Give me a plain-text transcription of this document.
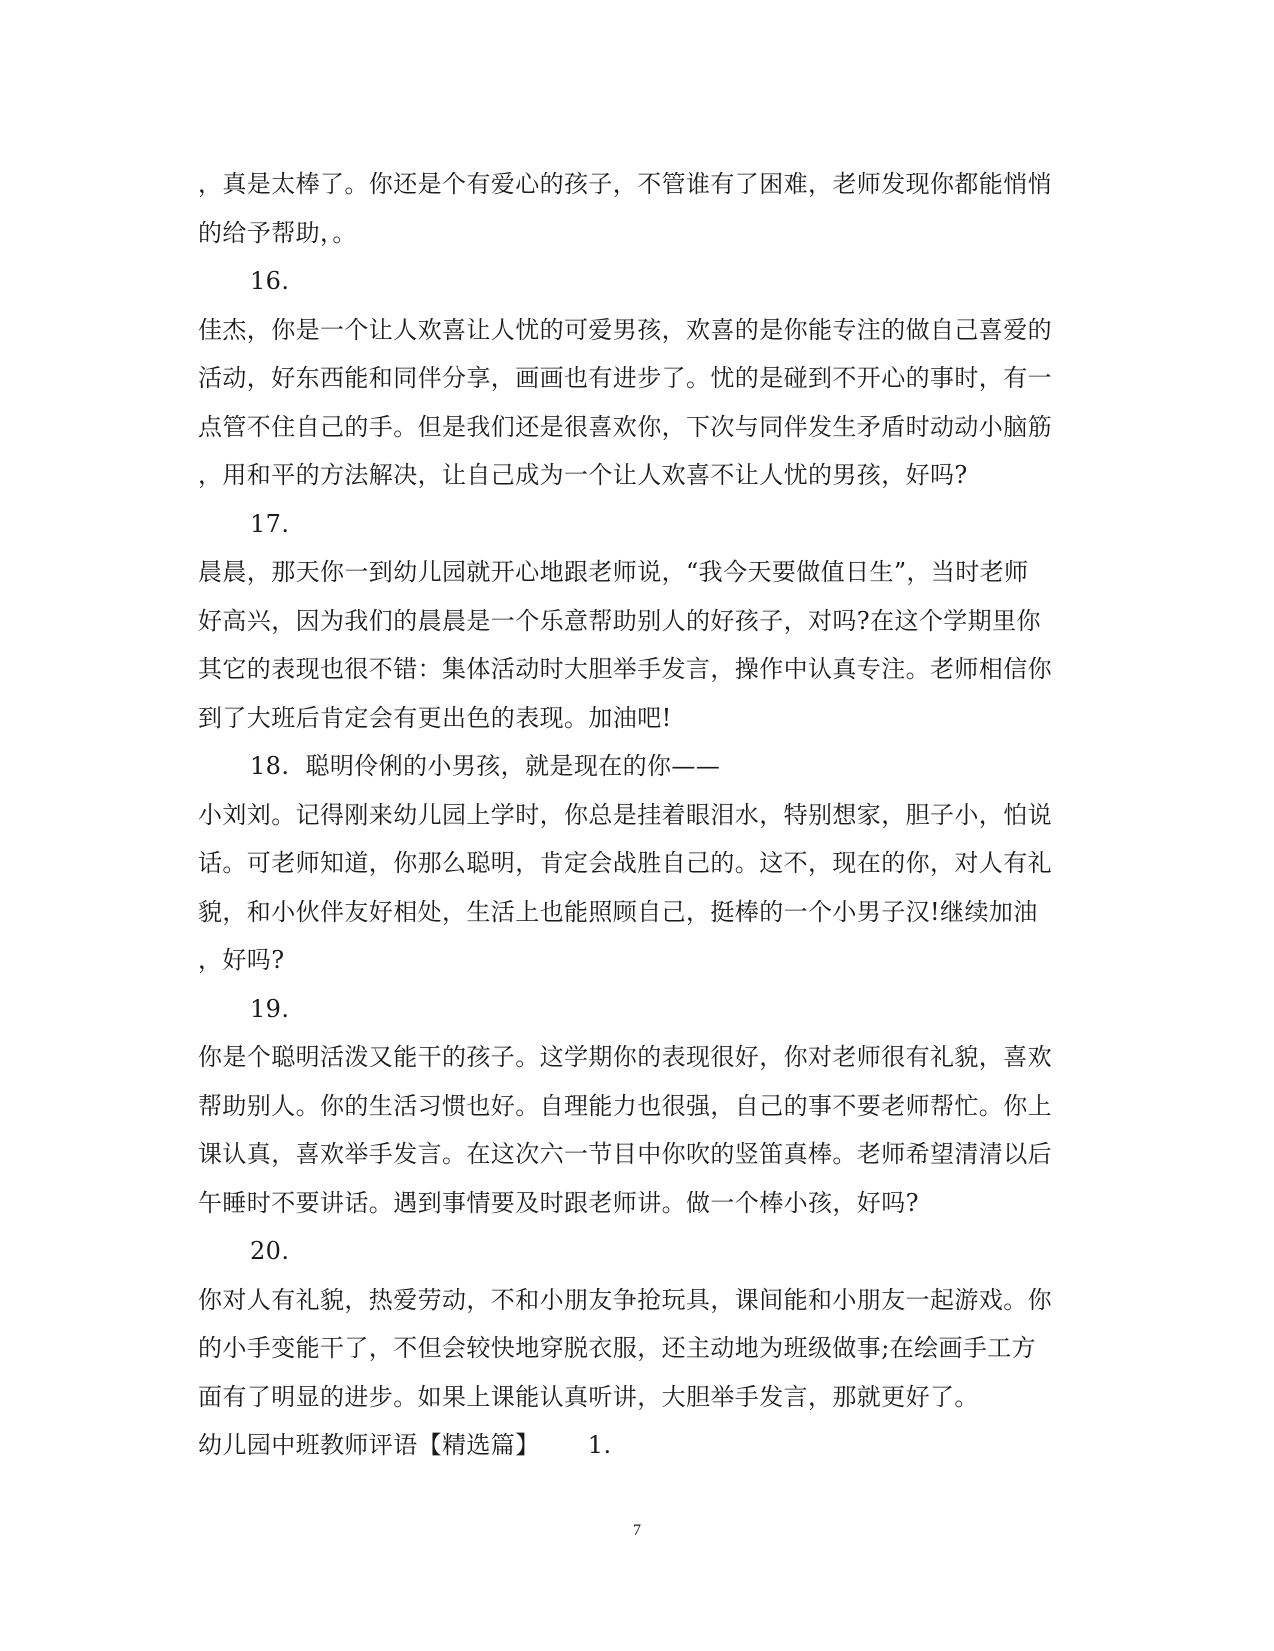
，真是太棒了。你还是个有爱心的孩子，不管谁有了困难，老师发现你都能悄悄
的给予帮助，。
16.
佳杰，你是一个让人欢喜让人忧的可爱男孩，欢喜的是你能专注的做自己喜爱的
活动，好东西能和同伴分享，画画也有进步了。忧的是碰到不开心的事时，有一
点管不住自己的手。但是我们还是很喜欢你，下次与同伴发生矛盾时动动小脑筋
，用和平的方法解决，让自己成为一个让人欢喜不让人忧的男孩，好吗?
17.
晨晨，那天你一到幼儿园就开心地跟老师说，“我今天要做值日生”，当时老师
好高兴，因为我们的晨晨是一个乐意帮助别人的好孩子，对吗?在这个学期里你
其它的表现也很不错：集体活动时大胆举手发言，操作中认真专注。老师相信你
到了大班后肯定会有更出色的表现。加油吧!
18.  聪明伶俐的小男孩，就是现在的你——
小刘刘。记得刚来幼儿园上学时，你总是挂着眼泪水，特别想家，胆子小，怕说
话。可老师知道，你那么聪明，肯定会战胜自己的。这不，现在的你，对人有礼
貌，和小伙伴友好相处，生活上也能照顾自己，挺棒的一个小男子汉!继续加油
，好吗?
19.
你是个聪明活泼又能干的孩子。这学期你的表现很好，你对老师很有礼貌，喜欢
帮助别人。你的生活习惯也好。自理能力也很强，自己的事不要老师帮忙。你上
课认真，喜欢举手发言。在这次六一节目中你吹的竖笛真棒。老师希望清清以后
午睡时不要讲话。遇到事情要及时跟老师讲。做一个棒小孩，好吗?
20.
你对人有礼貌，热爱劳动，不和小朋友争抢玩具，课间能和小朋友一起游戏。你
的小手变能干了，不但会较快地穿脱衣服，还主动地为班级做事;在绘画手工方
面有了明显的进步。如果上课能认真听讲，大胆举手发言，那就更好了。
幼儿园中班教师评语【精选篇】      1.
7
